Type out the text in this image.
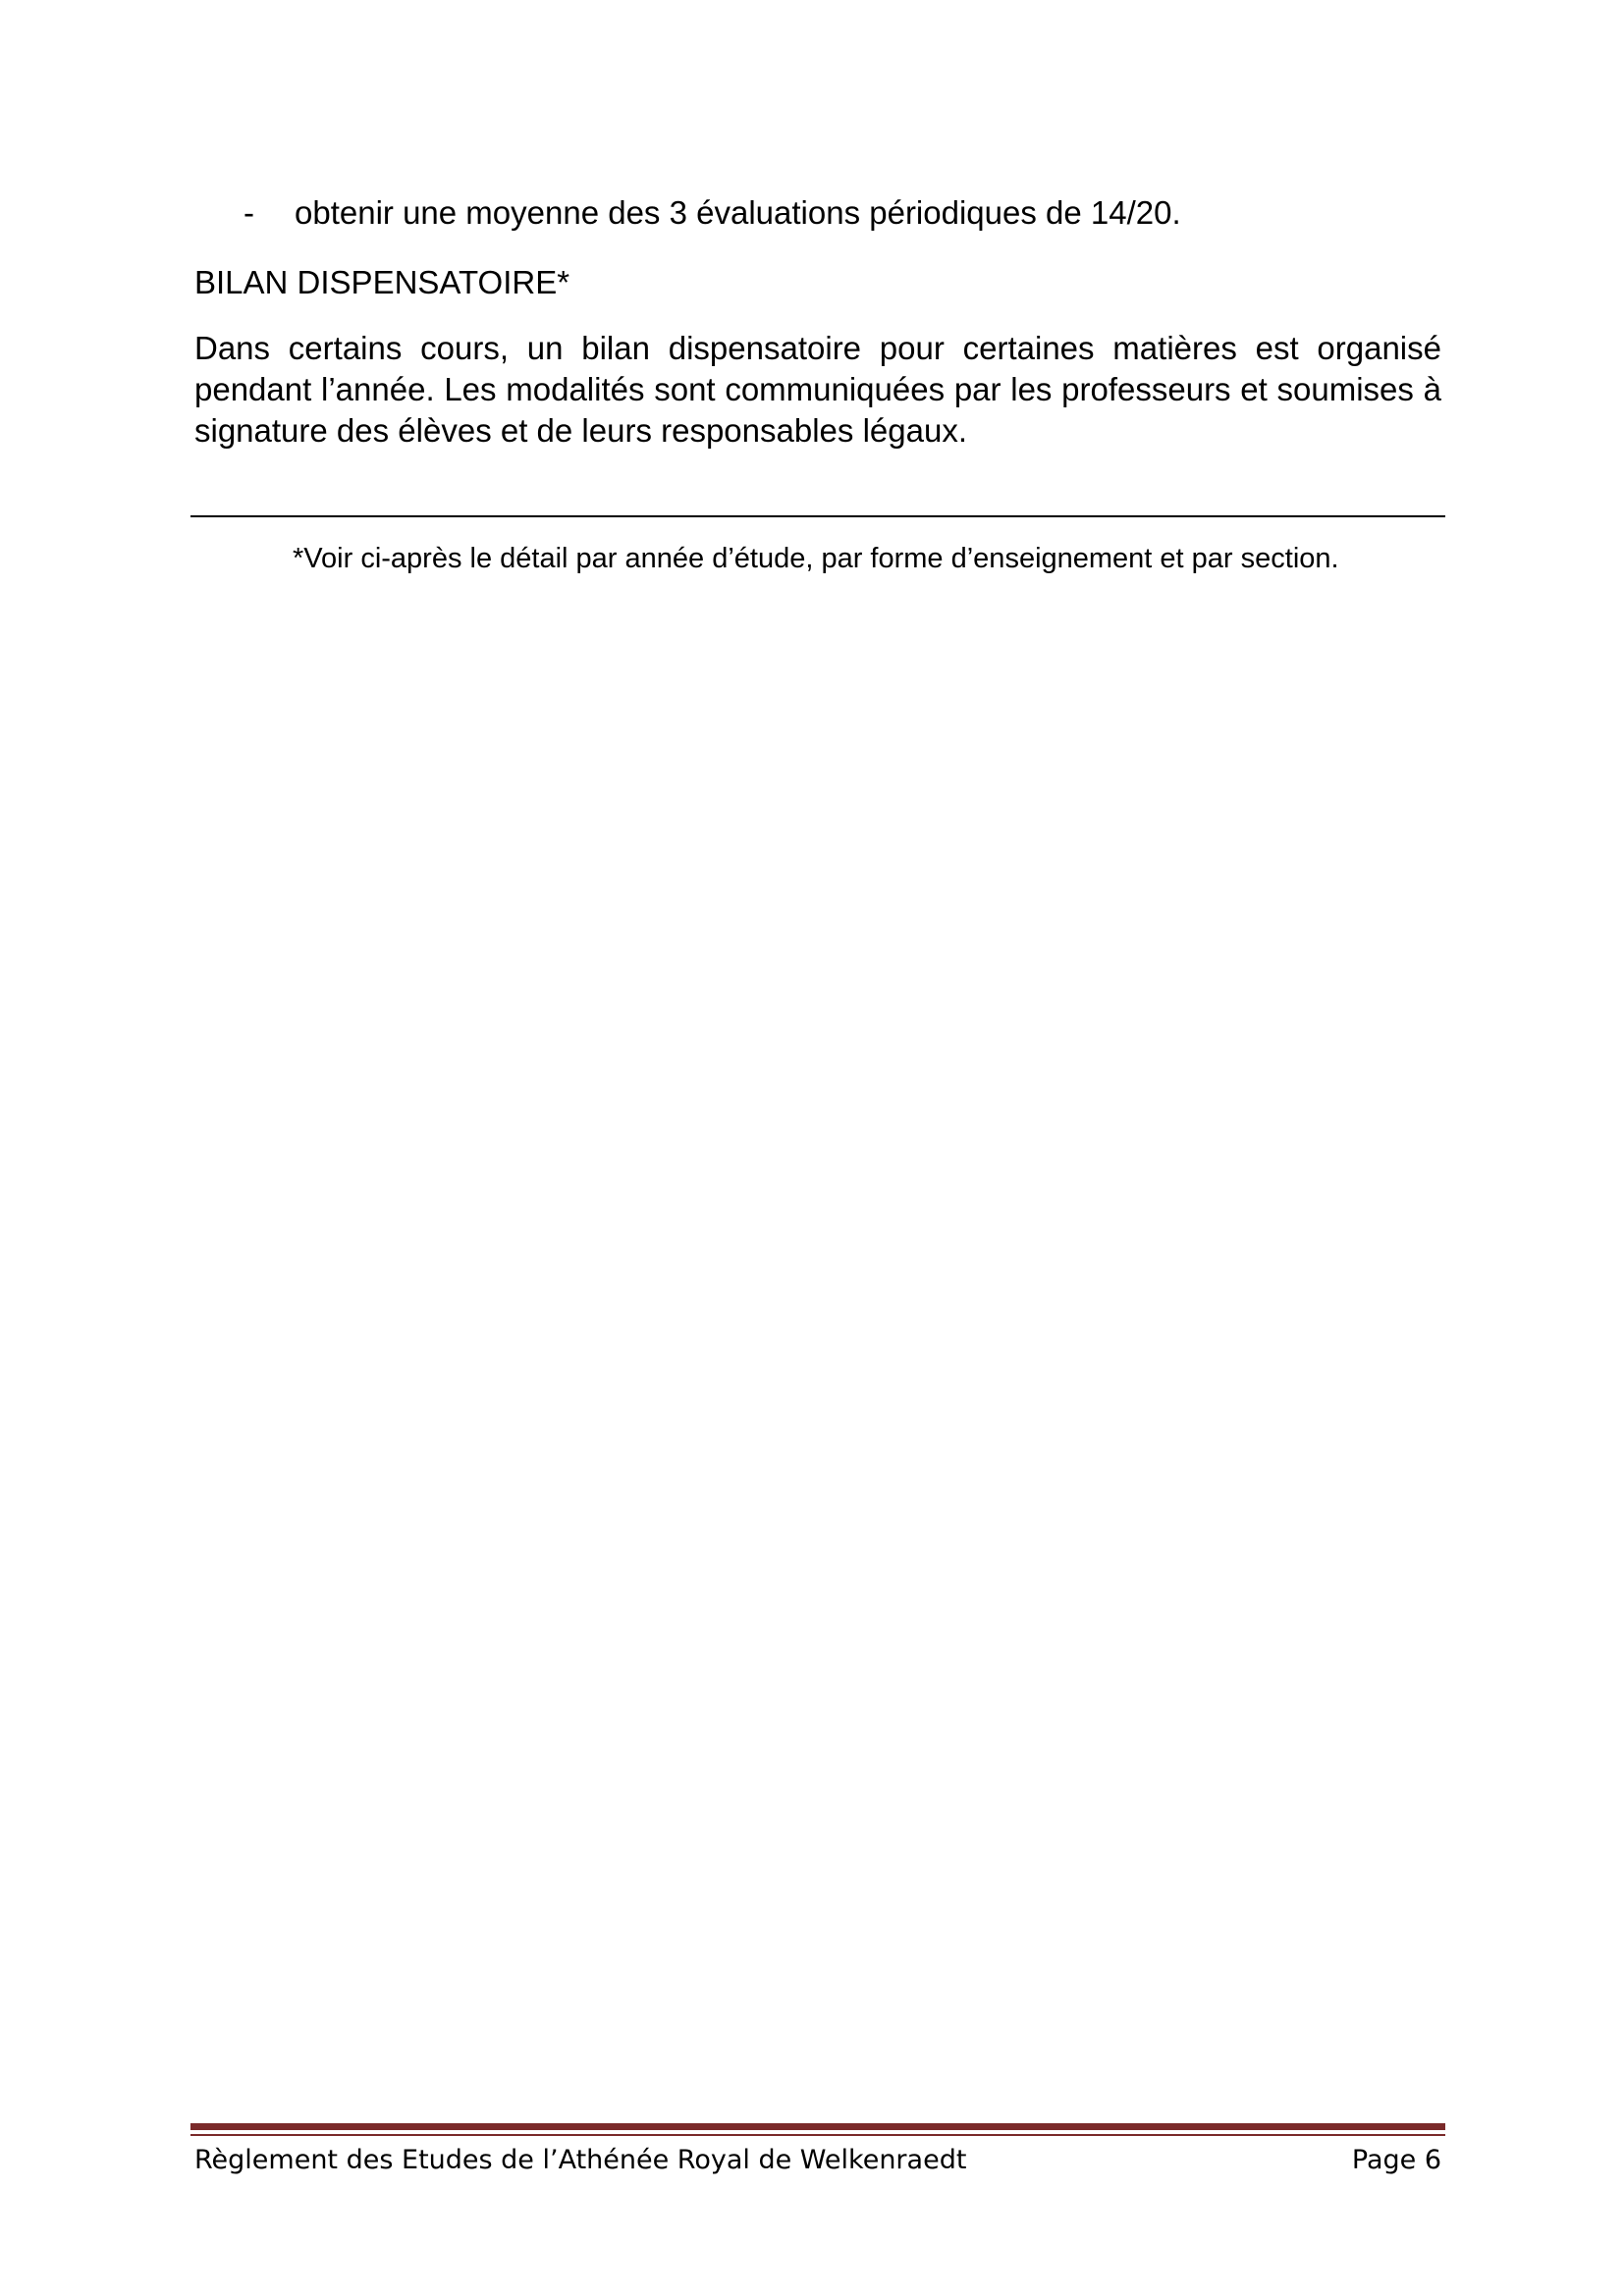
- obtenir une moyenne des 3 évaluations périodiques de 14/20.
BILAN DISPENSATOIRE*
Dans certains cours, un bilan dispensatoire pour certaines matières est organisé pendant l’année. Les modalités sont communiquées par les professeurs et soumises à signature des élèves et de leurs responsables légaux.
*Voir ci-après le détail par année d’étude, par forme d’enseignement et par section.
Règlement des Etudes de l’Athénée Royal de Welkenraedt	Page 6
